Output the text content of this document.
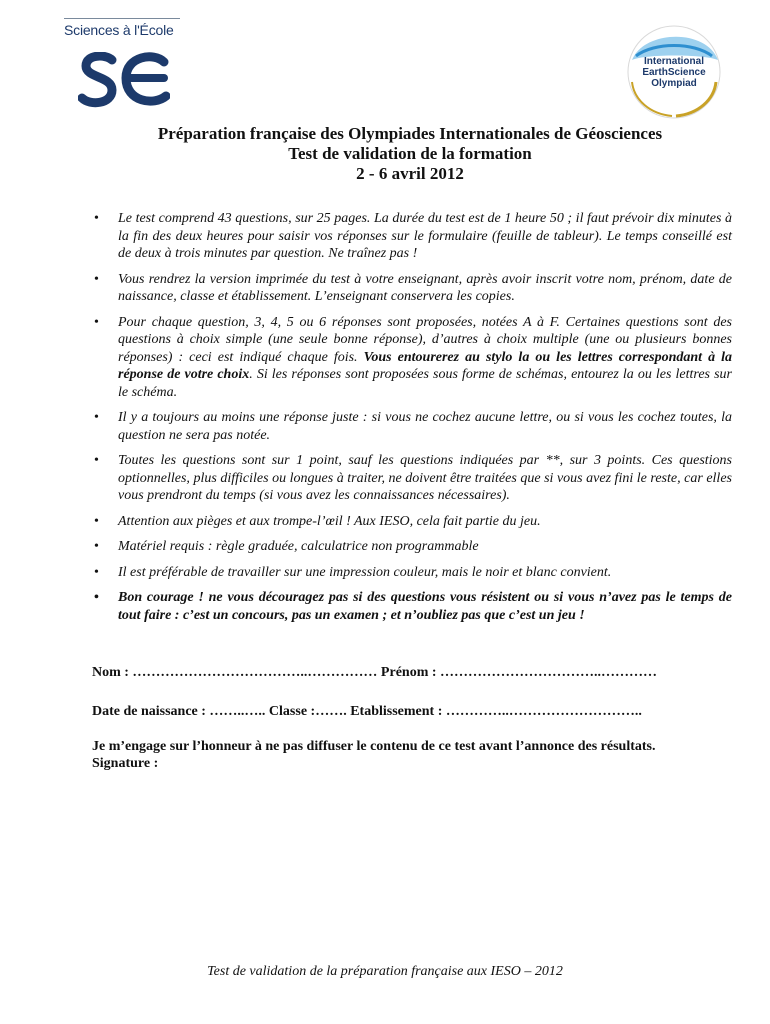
Sciences à l'École
International
EarthScience
Olympiad
Préparation française des Olympiades Internationales de Géosciences
Test de validation de la formation
2 - 6 avril 2012
• Le test comprend 43 questions, sur 25 pages. La durée du test est de 1 heure 50 ; il faut prévoir dix minutes à la fin des deux heures pour saisir vos réponses sur le formulaire (feuille de tableur). Le temps conseillé est de deux à trois minutes par question. Ne traînez pas !
• Vous rendrez la version imprimée du test à votre enseignant, après avoir inscrit votre nom, prénom, date de naissance, classe et établissement. L’enseignant conservera les copies.
• Pour chaque question, 3, 4, 5 ou 6 réponses sont proposées, notées A à F. Certaines questions sont des questions à choix simple (une seule bonne réponse), d’autres à choix multiple (une ou plusieurs bonnes réponses) : ceci est indiqué chaque fois. Vous entourerez au stylo la ou les lettres correspondant à la réponse de votre choix. Si les réponses sont proposées sous forme de schémas, entourez la ou les lettres sur le schéma.
• Il y a toujours au moins une réponse juste : si vous ne cochez aucune lettre, ou si vous les cochez toutes, la question ne sera pas notée.
• Toutes les questions sont sur 1 point, sauf les questions indiquées par **, sur 3 points. Ces questions optionnelles, plus difficiles ou longues à traiter, ne doivent être traitées que si vous avez fini le reste, car elles vous prendront du temps (si vous avez les connaissances nécessaires).
• Attention aux pièges et aux trompe-l’œil ! Aux IESO, cela fait partie du jeu.
• Matériel requis : règle graduée, calculatrice non programmable
• Il est préférable de travailler sur une impression couleur, mais le noir et blanc convient.
• Bon courage ! ne vous découragez pas si des questions vous résistent ou si vous n’avez pas le temps de tout faire : c’est un concours, pas un examen ; et n’oubliez pas que c’est un jeu !
Nom : ………………………………..…………… Prénom : ……………………………..…………
Date de naissance : ……..….. Classe :……. Etablissement : …………..………………………..
Je m’engage sur l’honneur à ne pas diffuser le contenu de ce test avant l’annonce des résultats.
Signature :
Test de validation de la préparation française aux IESO – 2012
